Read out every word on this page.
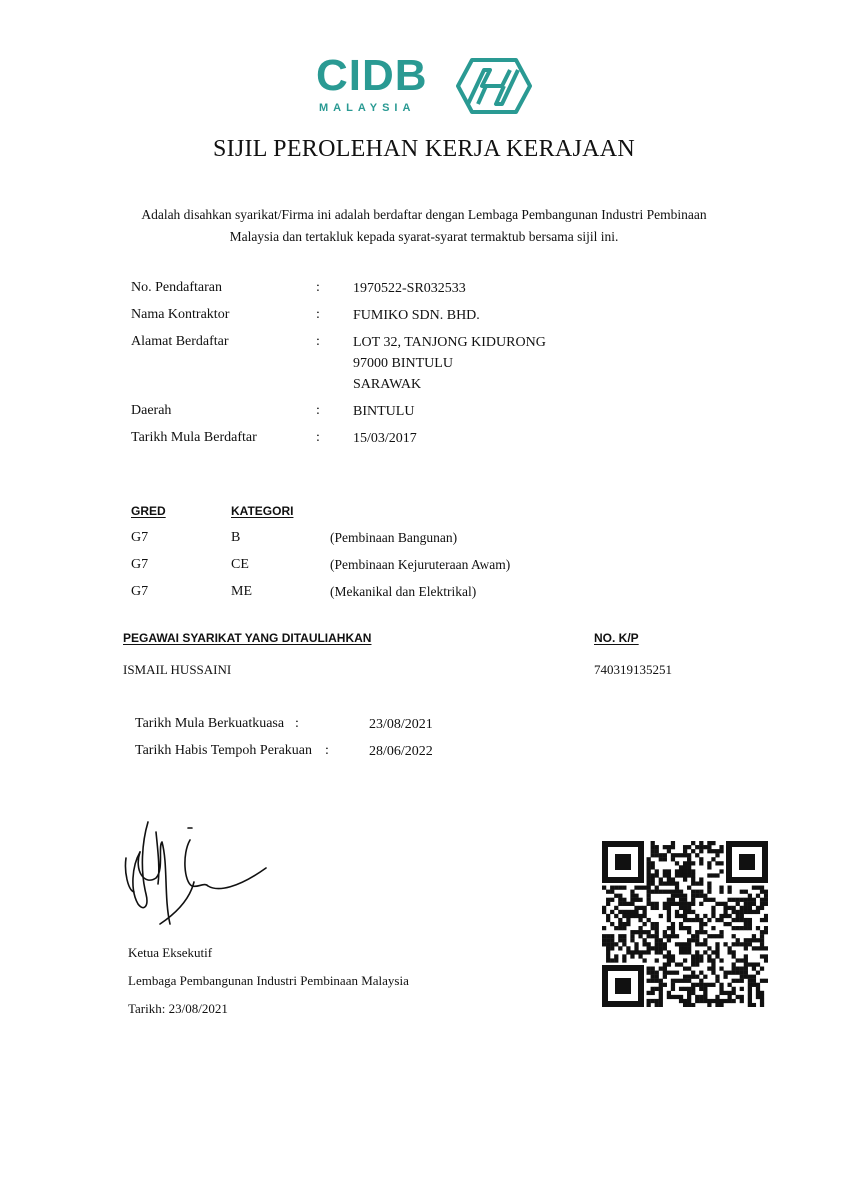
CIDB
MALAYSIA
SIJIL PEROLEHAN KERJA KERAJAAN
Adalah disahkan syarikat/Firma ini adalah berdaftar dengan Lembaga Pembangunan Industri Pembinaan
Malaysia dan tertakluk kepada syarat-syarat termaktub bersama sijil ini.
No. Pendaftaran	: 1970522-SR032533
Nama Kontraktor	: FUMIKO SDN. BHD.
Alamat Berdaftar	: LOT 32, TANJONG KIDURONG
97000 BINTULU
SARAWAK
Daerah	: BINTULU
Tarikh Mula Berdaftar	: 15/03/2017
GRED	KATEGORI
G7	B	(Pembinaan Bangunan)
G7	CE	(Pembinaan Kejuruteraan Awam)
G7	ME	(Mekanikal dan Elektrikal)
PEGAWAI SYARIKAT YANG DITAULIAHKAN	NO. K/P
ISMAIL HUSSAINI	740319135251
Tarikh Mula Berkuatkuasa :	23/08/2021
Tarikh Habis Tempoh Perakuan :	28/06/2022
Ketua Eksekutif
Lembaga Pembangunan Industri Pembinaan Malaysia
Tarikh: 23/08/2021
